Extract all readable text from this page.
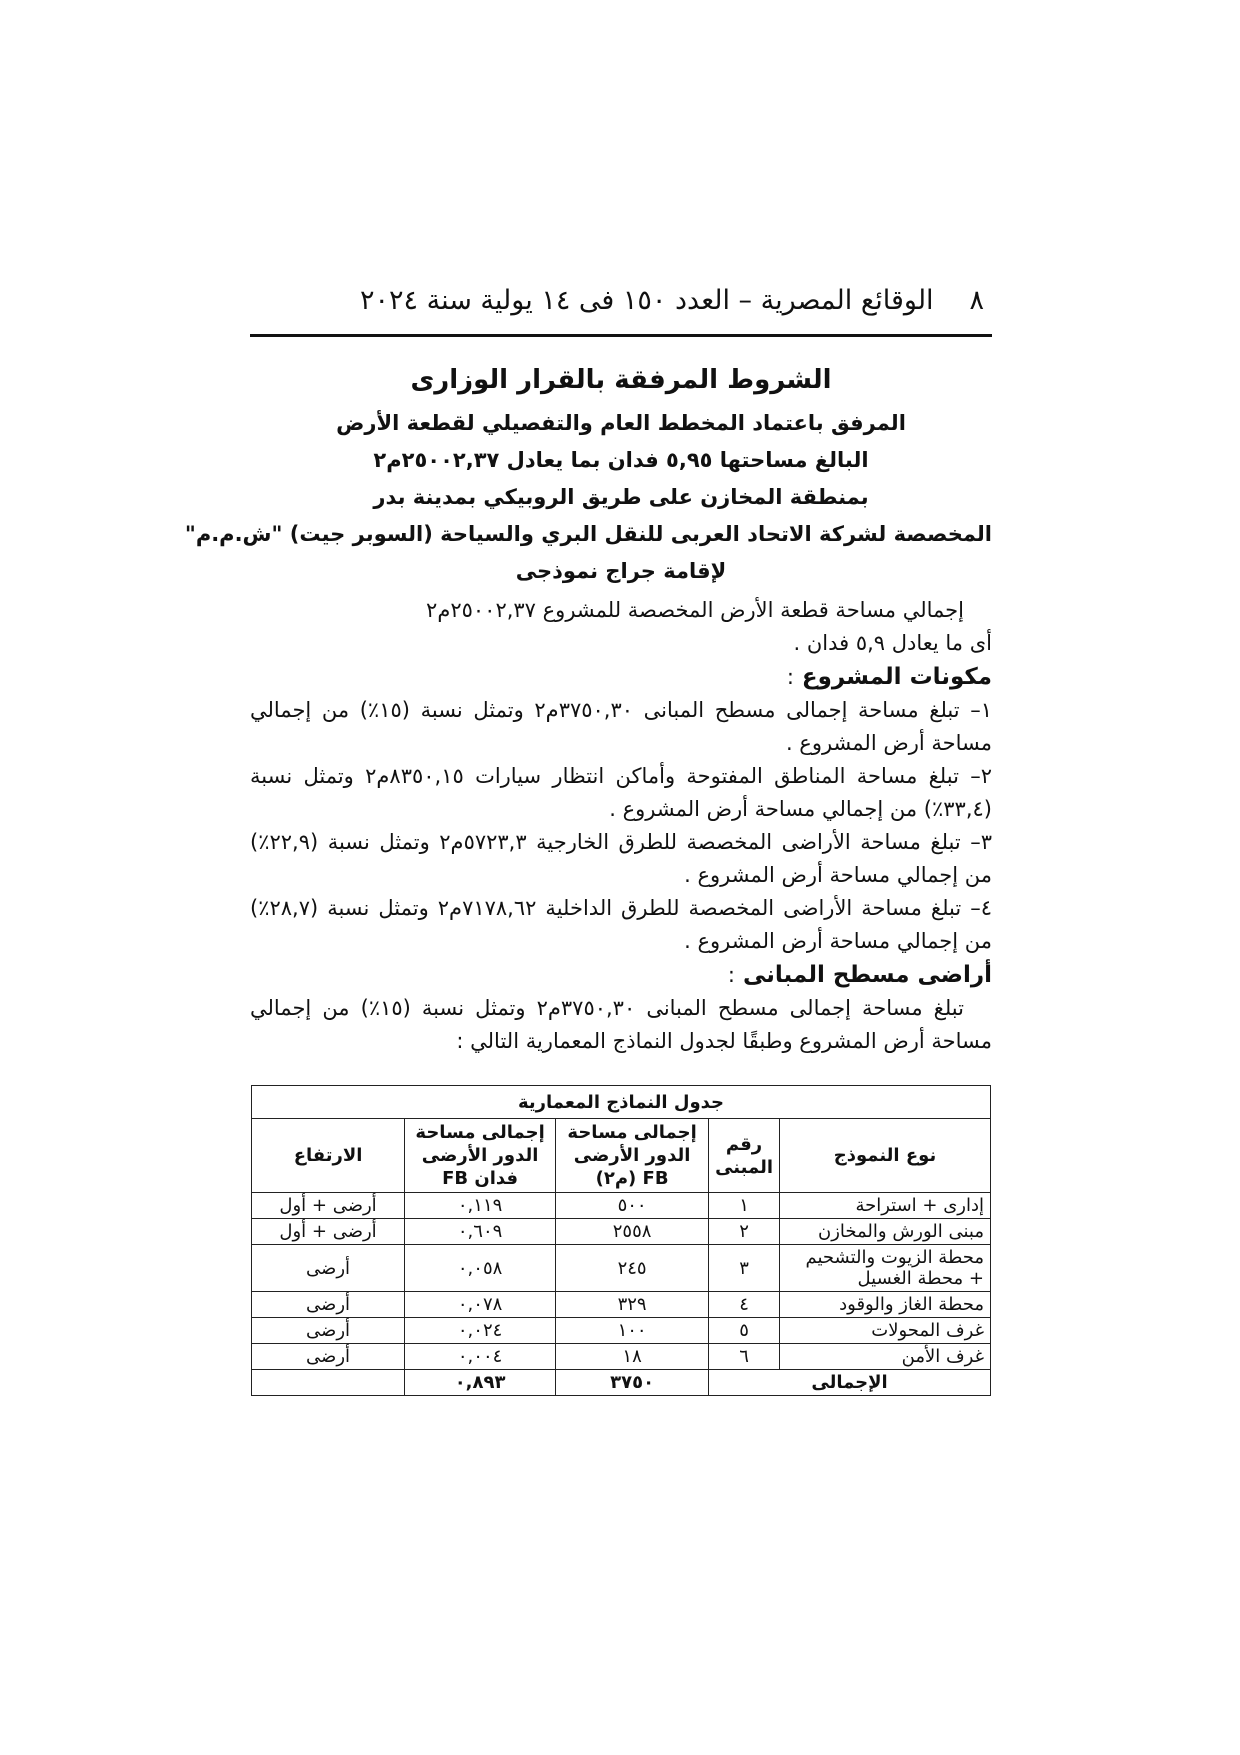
٨
الوقائع المصرية – العدد ١٥٠ فى ١٤ يولية سنة ٢٠٢٤
الشروط المرفقة بالقرار الوزارى
المرفق باعتماد المخطط العام والتفصيلي لقطعة الأرض
البالغ مساحتها ٥,٩٥ فدان بما يعادل ٢٥٠٠٢,٣٧م٢
بمنطقة المخازن على طريق الروبيكي بمدينة بدر
المخصصة لشركة الاتحاد العربى للنقل البري والسياحة (السوبر جيت) "ش.م.م"
لإقامة جراج نموذجى

إجمالي مساحة قطعة الأرض المخصصة للمشروع ٢٥٠٠٢,٣٧م٢

أى ما يعادل ٥,٩ فدان .

مكونات المشروع :

١– تبلغ مساحة إجمالى مسطح المبانى ٣٧٥٠,٣٠م٢ وتمثل نسبة (١٥٪) من إجمالي مساحة أرض المشروع .

٢– تبلغ مساحة المناطق المفتوحة وأماكن انتظار سيارات ٨٣٥٠,١٥م٢ وتمثل نسبة (٣٣,٤٪) من إجمالي مساحة أرض المشروع .

٣– تبلغ مساحة الأراضى المخصصة للطرق الخارجية ٥٧٢٣,٣م٢ وتمثل نسبة (٢٢,٩٪) من إجمالي مساحة أرض المشروع .

٤– تبلغ مساحة الأراضى المخصصة للطرق الداخلية ٧١٧٨,٦٢م٢ وتمثل نسبة (٢٨,٧٪) من إجمالي مساحة أرض المشروع .

أراضى مسطح المبانى :

تبلغ مساحة إجمالى مسطح المبانى ٣٧٥٠,٣٠م٢ وتمثل نسبة (١٥٪) من إجمالي مساحة أرض المشروع وطبقًا لجدول النماذج المعمارية التالي :

جدول النماذج المعمارية				
نوع النموذج	رقم المبنى	إجمالى مساحة الدور الأرضى FB (م٢)	إجمالى مساحة الدور الأرضى فدان FB	الارتفاع
إدارى + استراحة	١	٥٠٠	٠,١١٩	أرضى + أول
مبنى الورش والمخازن	٢	٢٥٥٨	٠,٦٠٩	أرضى + أول
محطة الزيوت والتشحيم + محطة الغسيل	٣	٢٤٥	٠,٠٥٨	أرضى
محطة الغاز والوقود	٤	٣٢٩	٠,٠٧٨	أرضى
غرف المحولات	٥	١٠٠	٠,٠٢٤	أرضى
غرف الأمن	٦	١٨	٠,٠٠٤	أرضى
الإجمالى		٣٧٥٠	٠,٨٩٣	
